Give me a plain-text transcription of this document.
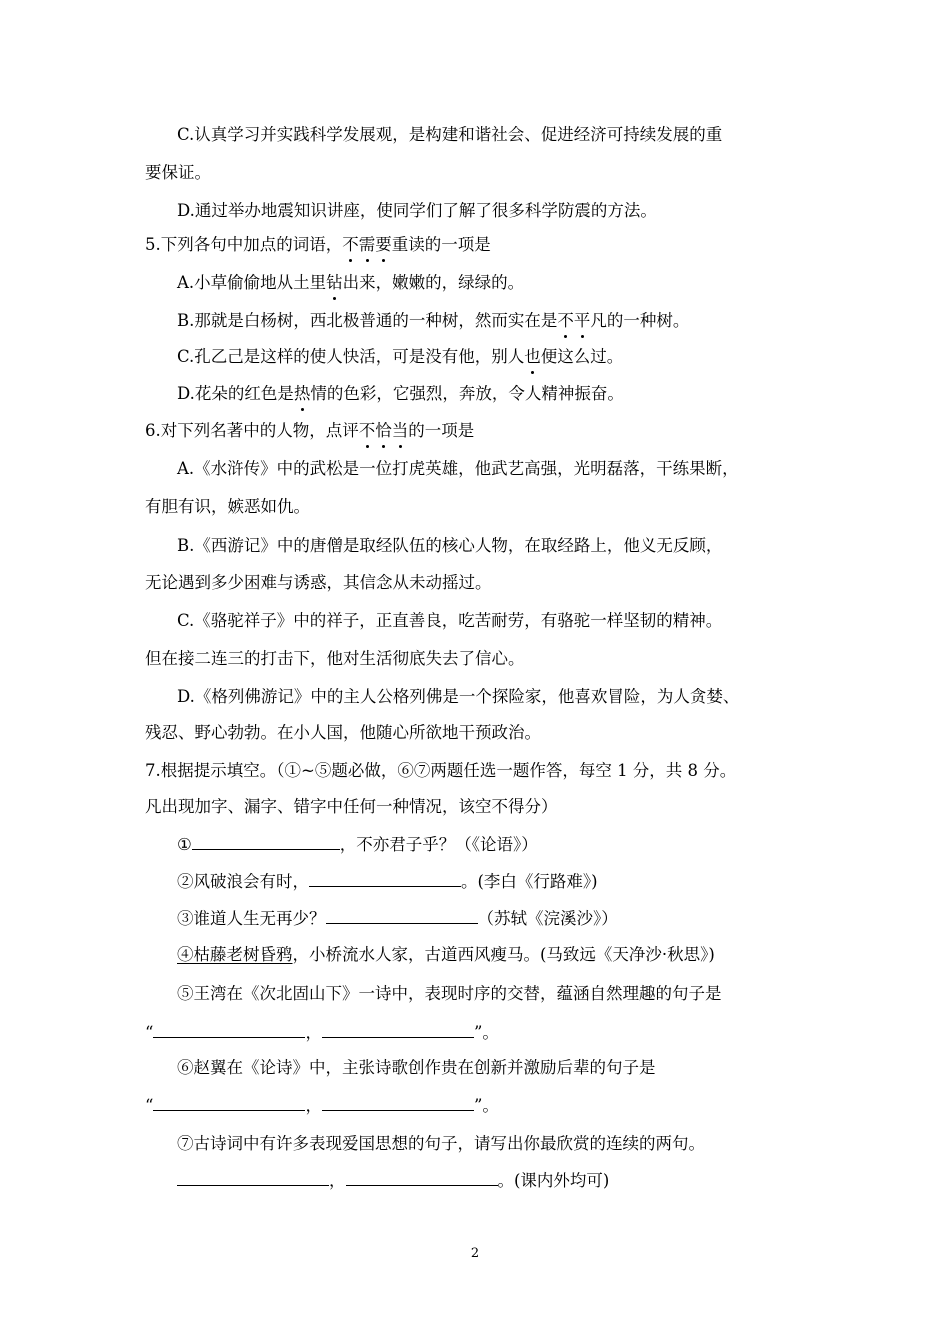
C.认真学习并实践科学发展观，是构建和谐社会、促进经济可持续发展的重
要保证。
D.通过举办地震知识讲座，使同学们了解了很多科学防震的方法。
5.下列各句中加点的词语，不需要重读的一项是
A.小草偷偷地从土里钻出来，嫩嫩的，绿绿的。
B.那就是白杨树，西北极普通的一种树，然而实在是不平凡的一种树。
C.孔乙己是这样的使人快活，可是没有他，别人也便这么过。
D.花朵的红色是热情的色彩，它强烈，奔放，令人精神振奋。
6.对下列名著中的人物，点评不恰当的一项是
A.《水浒传》中的武松是一位打虎英雄，他武艺高强，光明磊落，干练果断，
有胆有识，嫉恶如仇。
B.《西游记》中的唐僧是取经队伍的核心人物，在取经路上，他义无反顾，
无论遇到多少困难与诱惑，其信念从未动摇过。
C.《骆驼祥子》中的祥子，正直善良，吃苦耐劳，有骆驼一样坚韧的精神。
但在接二连三的打击下，他对生活彻底失去了信心。
D.《格列佛游记》中的主人公格列佛是一个探险家，他喜欢冒险，为人贪婪、
残忍、野心勃勃。在小人国，他随心所欲地干预政治。
7.根据提示填空。（①~⑤题必做，⑥⑦两题任选一题作答，每空 1 分，共 8 分。
凡出现加字、漏字、错字中任何一种情况，该空不得分）
①	，不亦君子乎？（《论语》）
②风破浪会有时，	。(李白《行路难》)
③谁道人生无再少？	（苏轼《浣溪沙》）
④枯藤老树昏鸦，小桥流水人家，古道西风瘦马。(马致远《天净沙·秋思》)
⑤王湾在《次北固山下》一诗中，表现时序的交替，蕴涵自然理趣的句子是
“	，	”。
⑥赵翼在《论诗》中，主张诗歌创作贵在创新并激励后辈的句子是
“	，	”。
⑦古诗词中有许多表现爱国思想的句子，请写出你最欣赏的连续的两句。
，	。(课内外均可)
2
